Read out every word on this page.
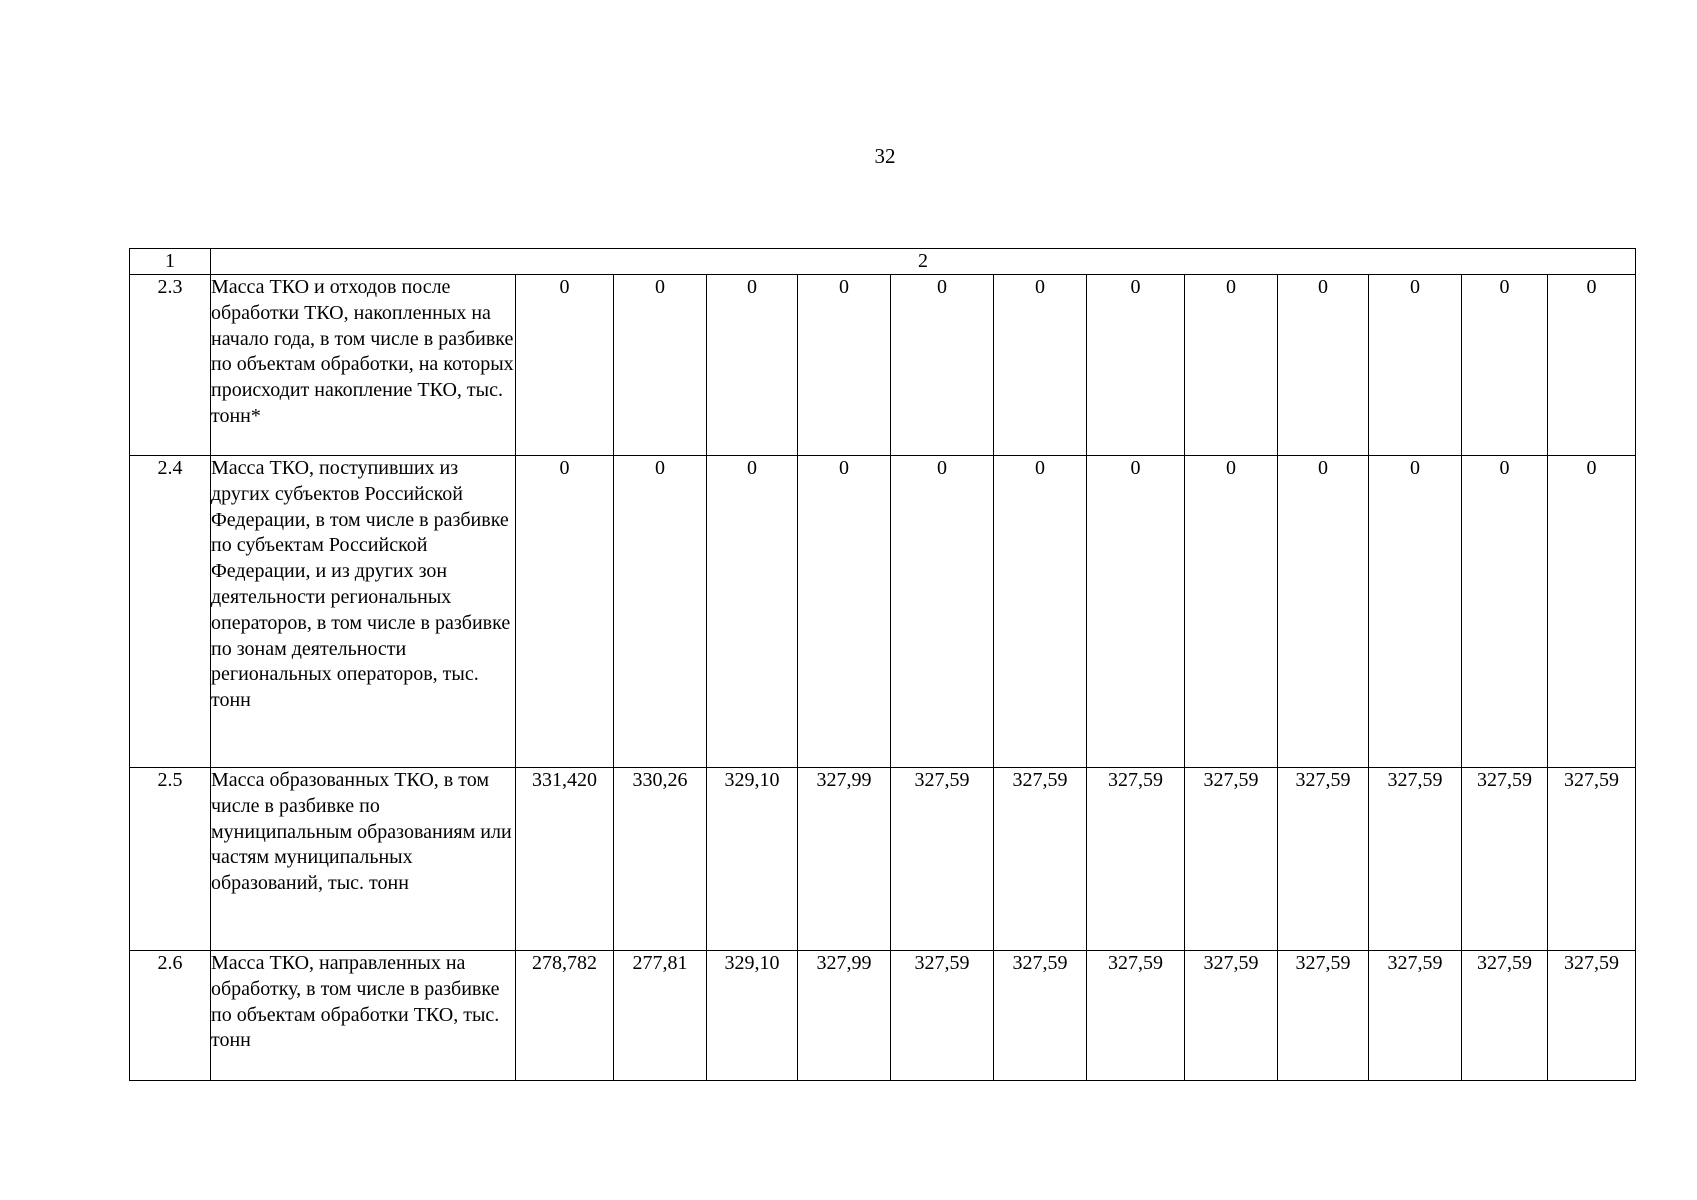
32
1	2												
2.3	Масса ТКО и отходов после обработки ТКО, накопленных на начало года, в том числе в разбивке по объектам обработки, на которых происходит накопление ТКО, тыс. тонн*	0	0	0	0	0	0	0	0	0	0	0	0
2.4	Масса ТКО, поступивших из других субъектов Российской Федерации, в том числе в разбивке по субъектам Российской Федерации, и из других зон деятельности региональных операторов, в том числе в разбивке по зонам деятельности региональных операторов, тыс. тонн	0	0	0	0	0	0	0	0	0	0	0	0
2.5	Масса образованных ТКО, в том числе в разбивке по муниципальным образованиям или частям муниципальных образований, тыс. тонн	331,420	330,26	329,10	327,99	327,59	327,59	327,59	327,59	327,59	327,59	327,59	327,59
2.6	Масса ТКО, направленных на обработку, в том числе в разбивке по объектам обработки ТКО, тыс. тонн	278,782	277,81	329,10	327,99	327,59	327,59	327,59	327,59	327,59	327,59	327,59	327,59
